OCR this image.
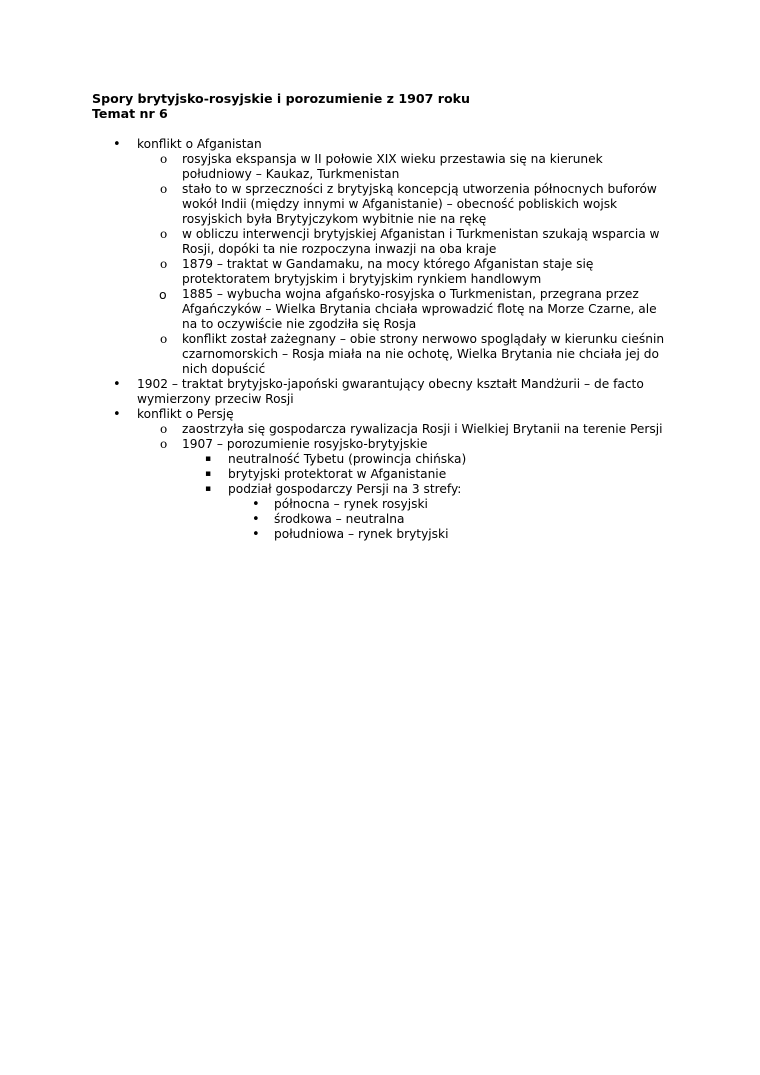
Spory brytyjsko-rosyjskie i porozumienie z 1907 roku
Temat nr 6
• konflikt o Afganistan
o rosyjska ekspansja w II połowie XIX wieku przestawia się na kierunek południowy – Kaukaz, Turkmenistan
o stało to w sprzeczności z brytyjską koncepcją utworzenia północnych buforów wokół Indii (między innymi w Afganistanie) – obecność pobliskich wojsk rosyjskich była Brytyjczykom wybitnie nie na rękę
o w obliczu interwencji brytyjskiej Afganistan i Turkmenistan szukają wsparcia w Rosji, dopóki ta nie rozpoczyna inwazji na oba kraje
o 1879 – traktat w Gandamaku, na mocy którego Afganistan staje się protektoratem brytyjskim i brytyjskim rynkiem handlowym
o 1885 – wybucha wojna afgańsko-rosyjska o Turkmenistan, przegrana przez Afgańczyków – Wielka Brytania chciała wprowadzić flotę na Morze Czarne, ale na to oczywiście nie zgodziła się Rosja
o konflikt został zażegnany – obie strony nerwowo spoglądały w kierunku cieśnin czarnomorskich – Rosja miała na nie ochotę, Wielka Brytania nie chciała jej do nich dopuścić
• 1902 – traktat brytyjsko-japoński gwarantujący obecny kształt Mandżurii – de facto wymierzony przeciw Rosji
• konflikt o Persję
o zaostrzyła się gospodarcza rywalizacja Rosji i Wielkiej Brytanii na terenie Persji
o 1907 – porozumienie rosyjsko-brytyjskie
▪ neutralność Tybetu (prowincja chińska)
▪ brytyjski protektorat w Afganistanie
▪ podział gospodarczy Persji na 3 strefy:
• północna – rynek rosyjski
• środkowa – neutralna
• południowa – rynek brytyjski
